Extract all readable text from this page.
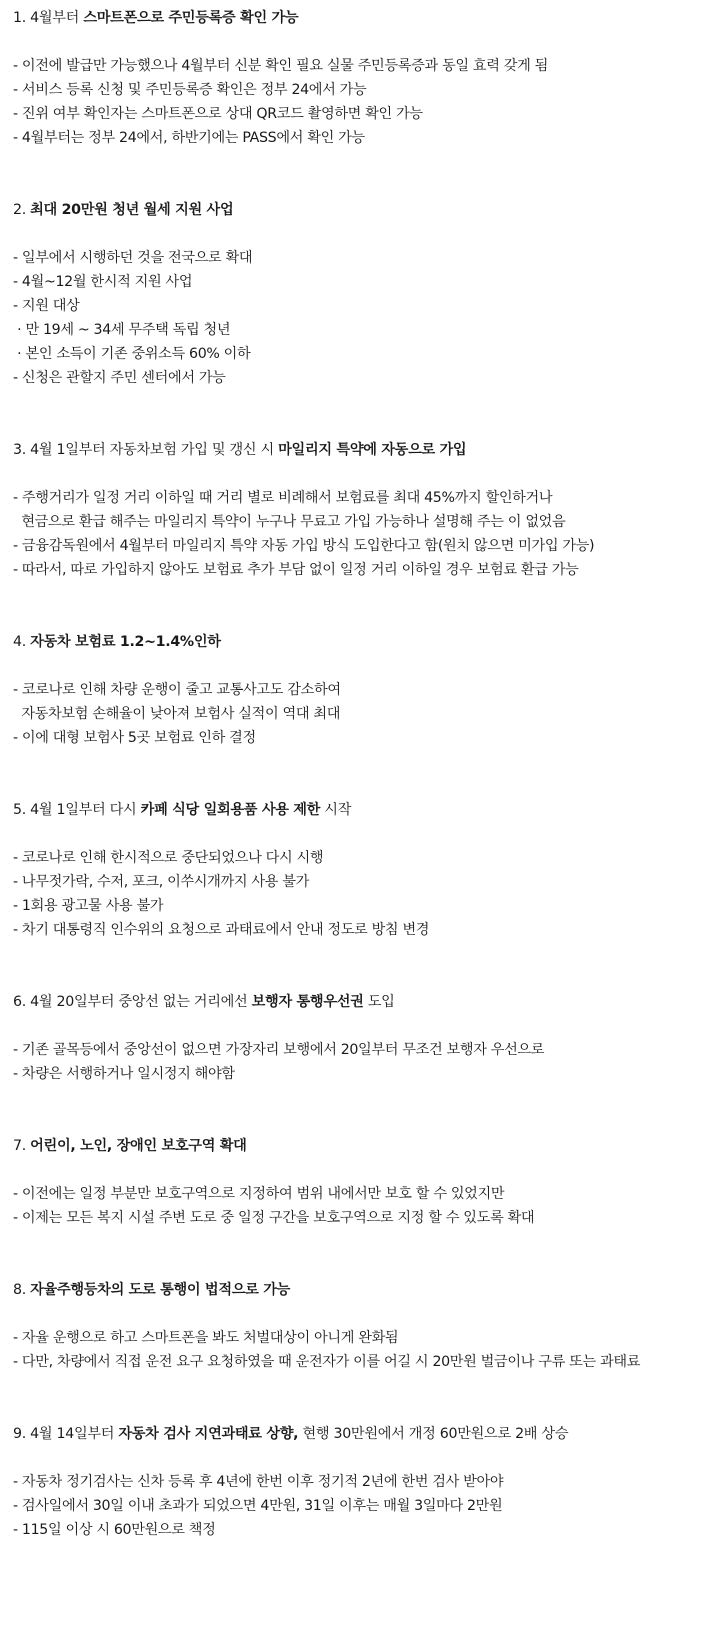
1. 4월부터 스마트폰으로 주민등록증 확인 가능
- 이전에 발급만 가능했으나 4월부터 신분 확인 필요 실물 주민등록증과 동일 효력 갖게 됨
- 서비스 등록 신청 및 주민등록증 확인은 정부 24에서 가능
- 진위 여부 확인자는 스마트폰으로 상대 QR코드 촬영하면 확인 가능
- 4월부터는 정부 24에서, 하반기에는 PASS에서 확인 가능
2. 최대 20만원 청년 월세 지원 사업
- 일부에서 시행하던 것을 전국으로 확대
- 4월~12월 한시적 지원 사업
- 지원 대상
· 만 19세 ~ 34세 무주택 독립 청년
· 본인 소득이 기존 중위소득 60% 이하
- 신청은 관할지 주민 센터에서 가능
3. 4월 1일부터 자동차보험 가입 및 갱신 시 마일리지 특약에 자동으로 가입
- 주행거리가 일정 거리 이하일 때 거리 별로 비례해서 보험료를 최대 45%까지 할인하거나
현금으로 환급 해주는 마일리지 특약이 누구나 무료고 가입 가능하나 설명해 주는 이 없었음
- 금융감독원에서 4월부터 마일리지 특약 자동 가입 방식 도입한다고 함(원치 않으면 미가입 가능)
- 따라서, 따로 가입하지 않아도 보험료 추가 부담 없이 일정 거리 이하일 경우 보험료 환급 가능
4. 자동차 보험료 1.2~1.4%인하
- 코로나로 인해 차량 운행이 줄고 교통사고도 감소하여
자동차보험 손해율이 낮아져 보험사 실적이 역대 최대
- 이에 대형 보험사 5곳 보험료 인하 결정
5. 4월 1일부터 다시 카페 식당 일회용품 사용 제한 시작
- 코로나로 인해 한시적으로 중단되었으나 다시 시행
- 나무젓가락, 수저, 포크, 이쑤시개까지 사용 불가
- 1회용 광고물 사용 불가
- 차기 대통령직 인수위의 요청으로 과태료에서 안내 정도로 방침 변경
6. 4월 20일부터 중앙선 없는 거리에선 보행자 통행우선권 도입
- 기존 골목등에서 중앙선이 없으면 가장자리 보행에서 20일부터 무조건 보행자 우선으로
- 차량은 서행하거나 일시정지 해야함
7. 어린이, 노인, 장애인 보호구역 확대
- 이전에는 일정 부분만 보호구역으로 지정하여 범위 내에서만 보호 할 수 있었지만
- 이제는 모든 복지 시설 주변 도로 중 일정 구간을 보호구역으로 지정 할 수 있도록 확대
8. 자율주행등차의 도로 통행이 법적으로 가능
- 자율 운행으로 하고 스마트폰을 봐도 처벌대상이 아니게 완화됨
- 다만, 차량에서 직접 운전 요구 요청하였을 때 운전자가 이를 어길 시 20만원 벌금이나 구류 또는 과태료
9. 4월 14일부터 자동차 검사 지연과태료 상향, 현행 30만원에서 개정 60만원으로 2배 상승
- 자동차 정기검사는 신차 등록 후 4년에 한번 이후 정기적 2년에 한번 검사 받아야
- 검사일에서 30일 이내 초과가 되었으면 4만원, 31일 이후는 매월 3일마다 2만원
- 115일 이상 시 60만원으로 책정
